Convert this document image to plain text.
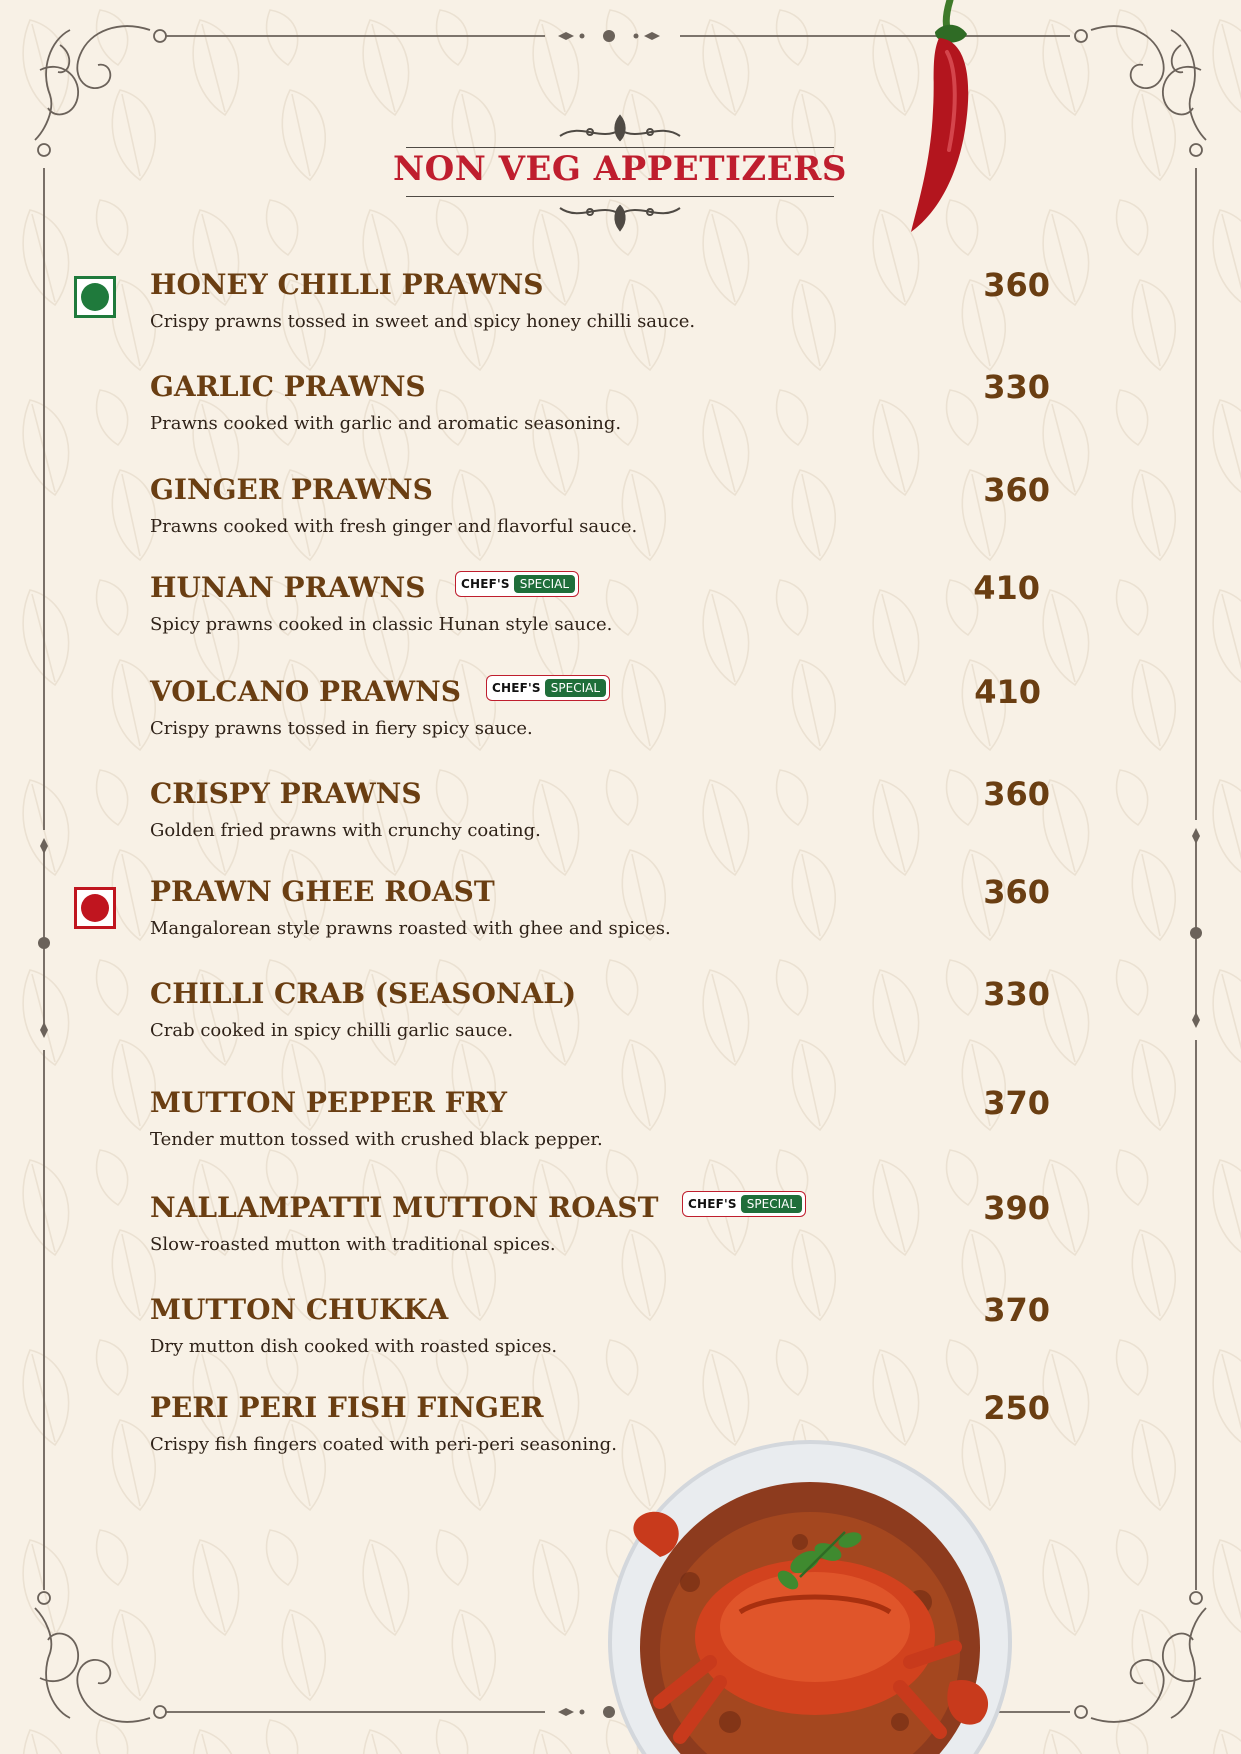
NON VEG APPETIZERS
HONEY CHILLI PRAWNS
Crispy prawns tossed in sweet and spicy honey chilli sauce.
360
GARLIC PRAWNS
Prawns cooked with garlic and aromatic seasoning.
330
GINGER PRAWNS
Prawns cooked with fresh ginger and flavorful sauce.
360
HUNAN PRAWNS	CHEF'S SPECIAL
Spicy prawns cooked in classic Hunan style sauce.
410
VOLCANO PRAWNS	CHEF'S SPECIAL
Crispy prawns tossed in fiery spicy sauce.
410
CRISPY PRAWNS
Golden fried prawns with crunchy coating.
360
PRAWN GHEE ROAST
Mangalorean style prawns roasted with ghee and spices.
360
CHILLI CRAB (SEASONAL)
Crab cooked in spicy chilli garlic sauce.
330
MUTTON PEPPER FRY
Tender mutton tossed with crushed black pepper.
370
NALLAMPATTI MUTTON ROAST CHEF'S SPECIAL
Slow-roasted mutton with traditional spices.
390
MUTTON CHUKKA
Dry mutton dish cooked with roasted spices.
370
PERI PERI FISH FINGER
Crispy fish fingers coated with peri-peri seasoning.
250
